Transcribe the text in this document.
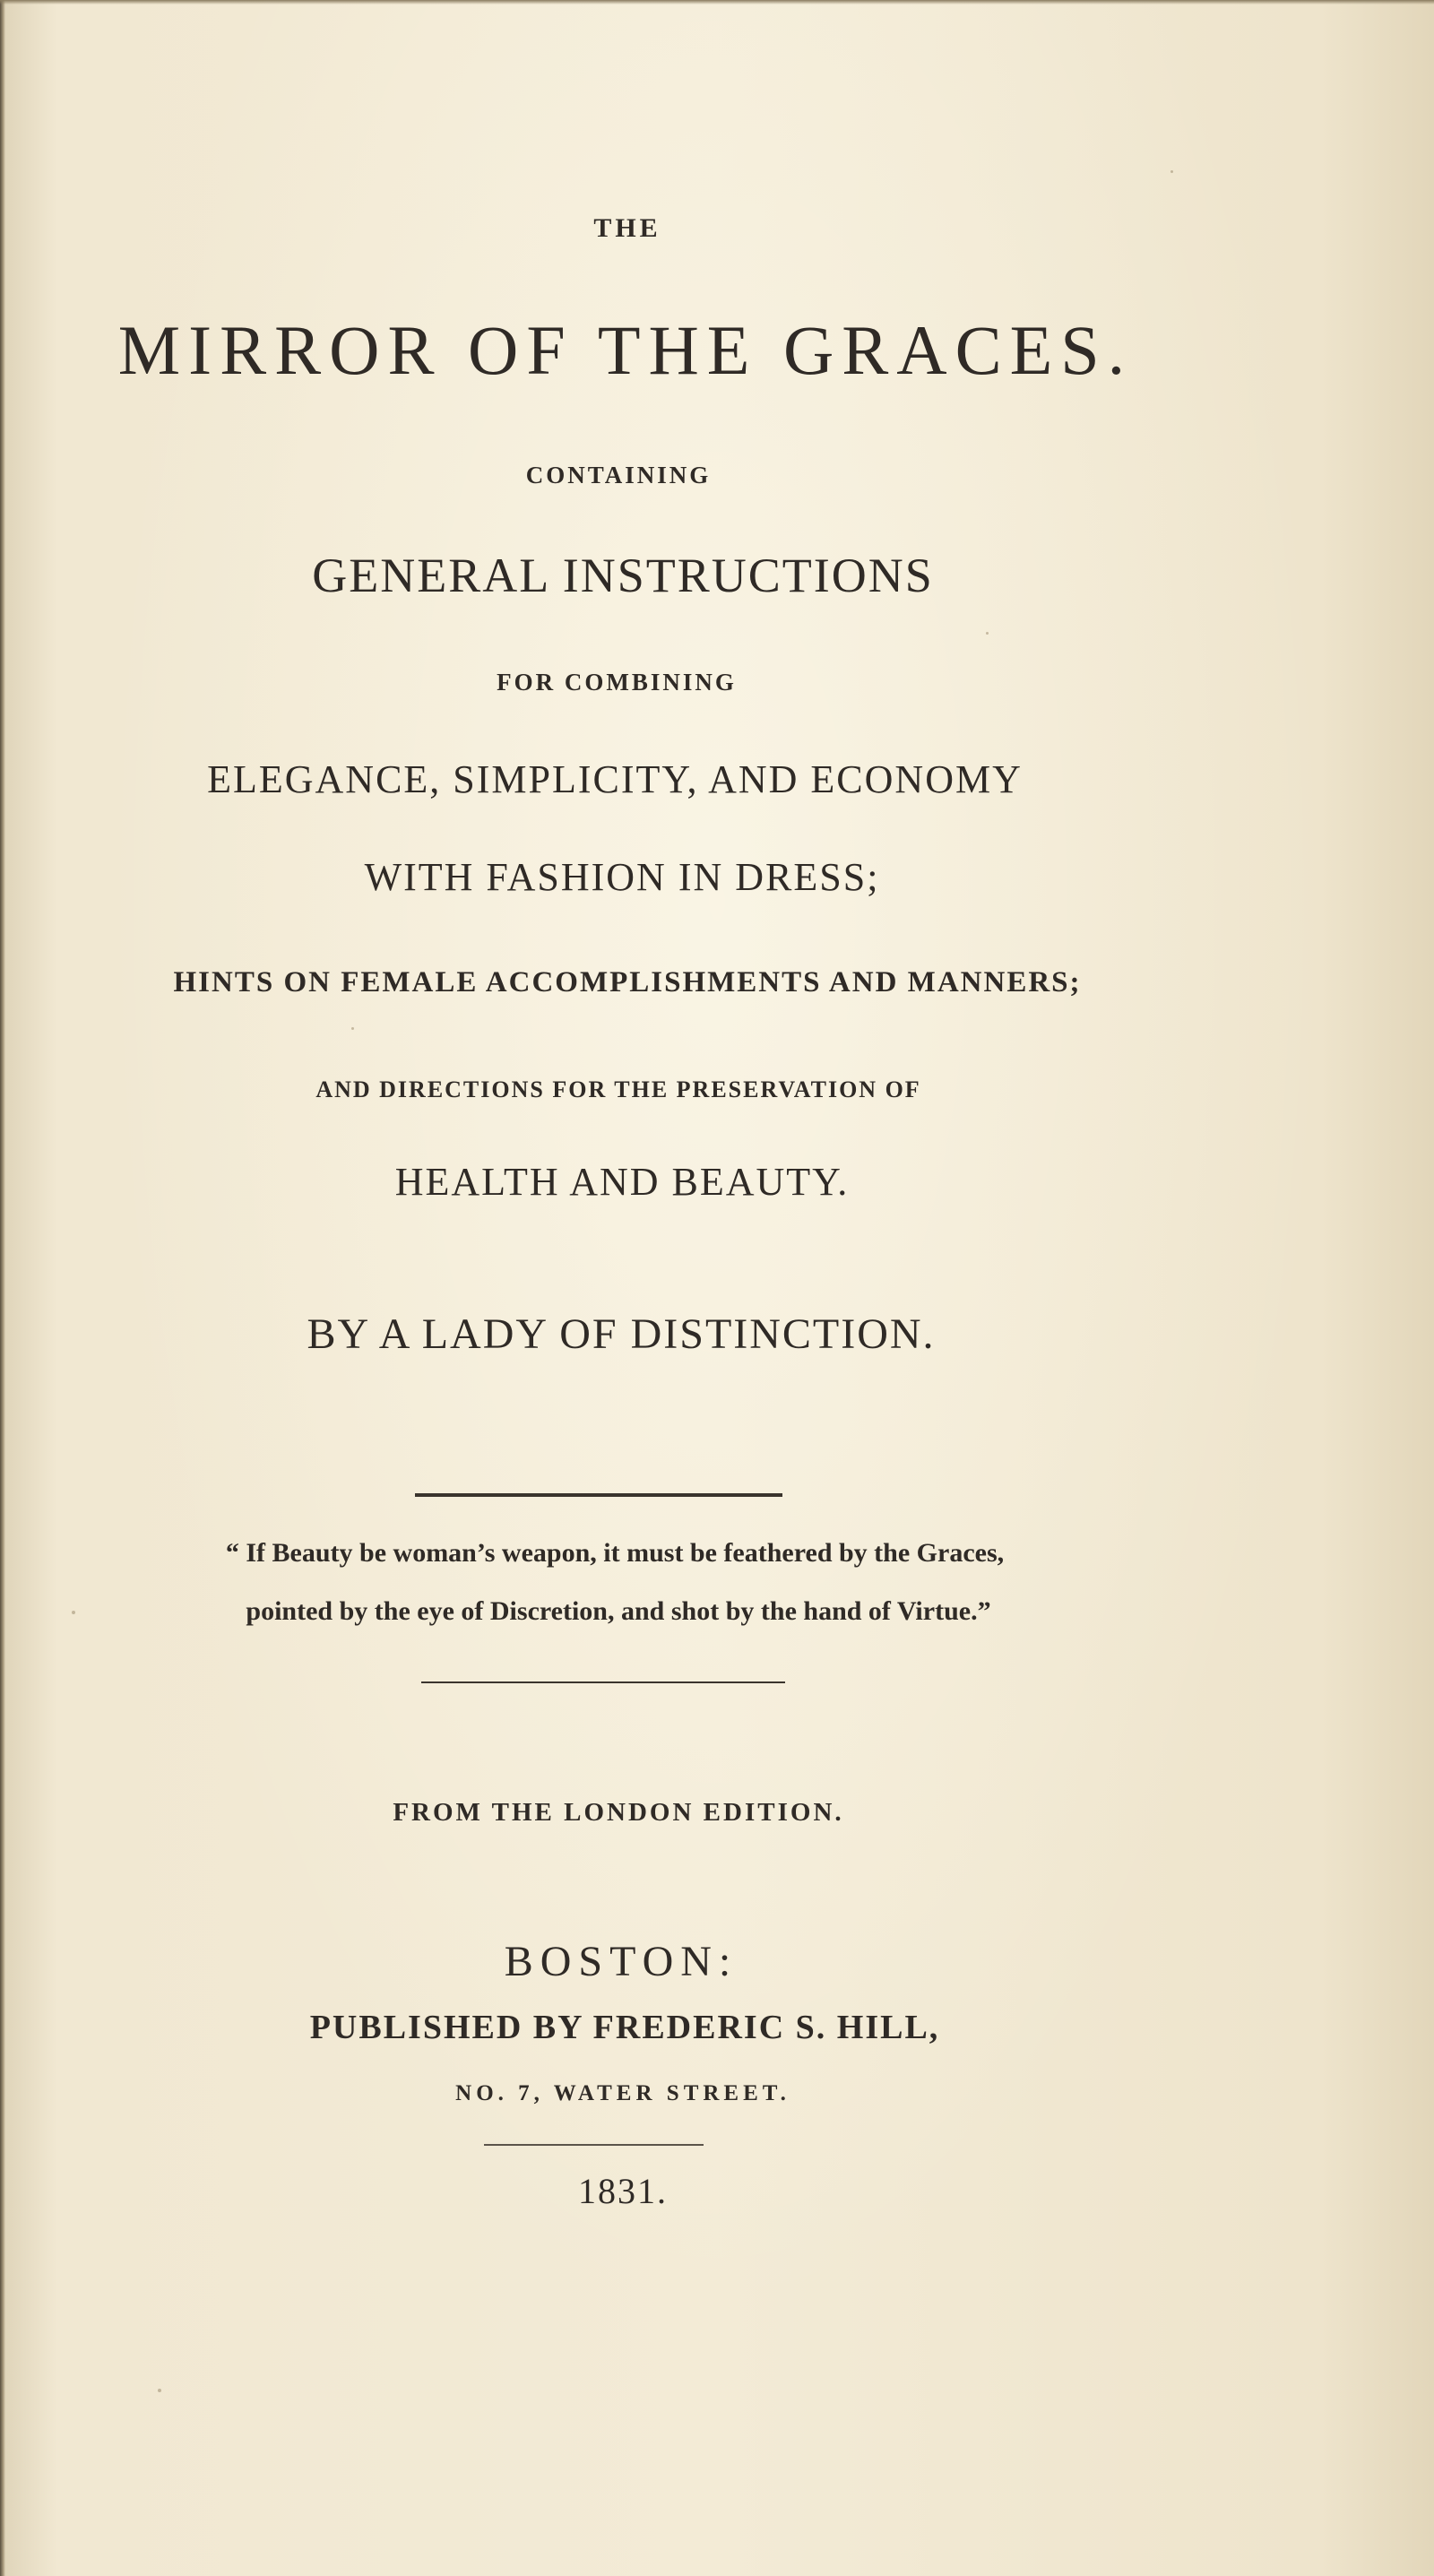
THE
MIRROR OF THE GRACES.
CONTAINING
GENERAL INSTRUCTIONS
FOR COMBINING
ELEGANCE, SIMPLICITY, AND ECONOMY
WITH FASHION IN DRESS;
HINTS ON FEMALE ACCOMPLISHMENTS AND MANNERS;
AND DIRECTIONS FOR THE PRESERVATION OF
HEALTH AND BEAUTY.
BY A LADY OF DISTINCTION.
“ If Beauty be woman’s weapon, it must be feathered by the Graces,
pointed by the eye of Discretion, and shot by the hand of Virtue.”
FROM THE LONDON EDITION.
BOSTON:
PUBLISHED BY FREDERIC S. HILL,
NO. 7, WATER STREET.
1831.
